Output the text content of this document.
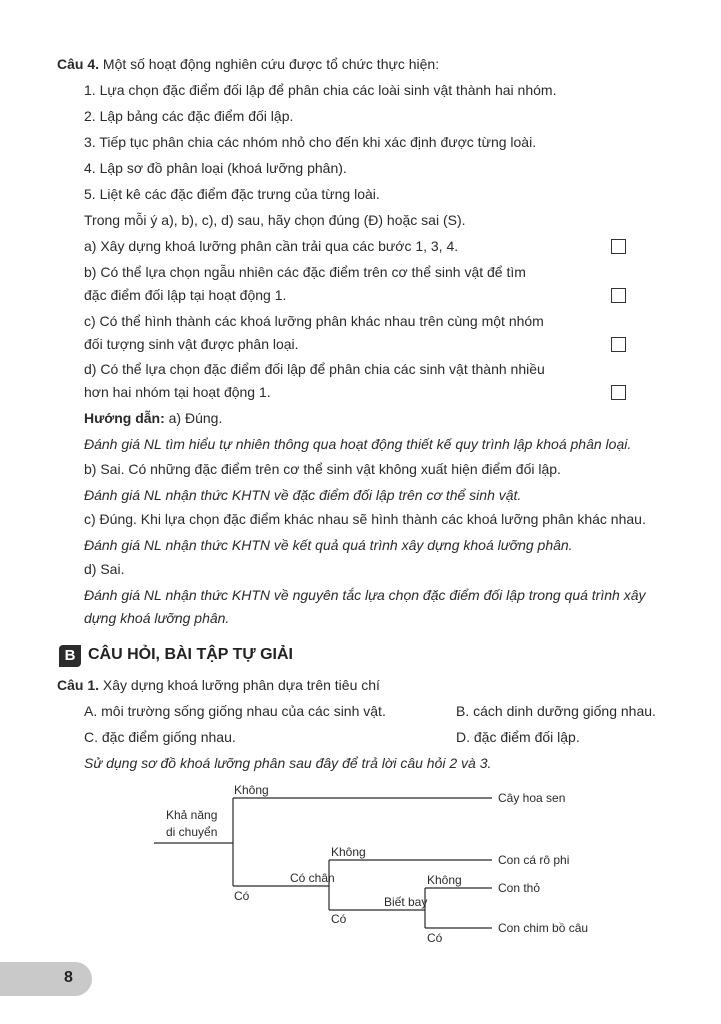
Câu 4. Một số hoạt động nghiên cứu được tổ chức thực hiện:
1. Lựa chọn đặc điểm đối lập để phân chia các loài sinh vật thành hai nhóm.
2. Lập bảng các đặc điểm đối lập.
3. Tiếp tục phân chia các nhóm nhỏ cho đến khi xác định được từng loài.
4. Lập sơ đồ phân loại (khoá lưỡng phân).
5. Liệt kê các đặc điểm đặc trưng của từng loài.
Trong mỗi ý a), b), c), d) sau, hãy chọn đúng (Đ) hoặc sai (S).
a) Xây dựng khoá lưỡng phân cần trải qua các bước 1, 3, 4.
b) Có thể lựa chọn ngẫu nhiên các đặc điểm trên cơ thể sinh vật để tìm
đặc điểm đối lập tại hoạt động 1.
c) Có thể hình thành các khoá lưỡng phân khác nhau trên cùng một nhóm
đối tượng sinh vật được phân loại.
d) Có thể lựa chọn đặc điểm đối lập để phân chia các sinh vật thành nhiều
hơn hai nhóm tại hoạt động 1.
Hướng dẫn: a) Đúng.
Đánh giá NL tìm hiểu tự nhiên thông qua hoạt động thiết kế quy trình lập khoá phân loại.
b) Sai. Có những đặc điểm trên cơ thể sinh vật không xuất hiện điểm đối lập.
Đánh giá NL nhận thức KHTN về đặc điểm đối lập trên cơ thể sinh vật.
c) Đúng. Khi lựa chọn đặc điểm khác nhau sẽ hình thành các khoá lưỡng phân khác nhau.
Đánh giá NL nhận thức KHTN về kết quả quá trình xây dựng khoá lưỡng phân.
d) Sai.
Đánh giá NL nhận thức KHTN về nguyên tắc lựa chọn đặc điểm đối lập trong quá trình xây
dựng khoá lưỡng phân.
B CÂU HỎI, BÀI TẬP TỰ GIẢI
Câu 1. Xây dựng khoá lưỡng phân dựa trên tiêu chí
A. môi trường sống giống nhau của các sinh vật.	B. cách dinh dưỡng giống nhau.
C. đặc điểm giống nhau.	D. đặc điểm đối lập.
Sử dụng sơ đồ khoá lưỡng phân sau đây để trả lời câu hỏi 2 và 3.
Khả năng
di chuyển
Không
Có
Có chân
Không
Có
Biết bay
Không
Có
Cây hoa sen
Con cá rô phi
Con thỏ
Con chim bồ câu
8
